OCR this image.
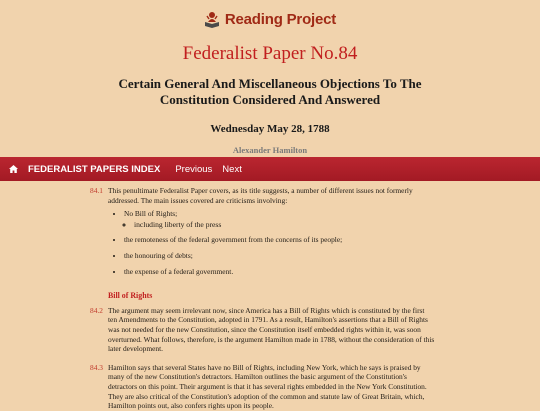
Reading Project
Federalist Paper No.84
Certain General And Miscellaneous Objections To The Constitution Considered And Answered
Wednesday May 28, 1788
Alexander Hamilton
FEDERALIST PAPERS INDEX Previous Next
84.1 This penultimate Federalist Paper covers, as its title suggests, a number of different issues not formerly addressed. The main issues covered are criticisms involving:
• No Bill of Rights;
◦ including liberty of the press
• the remoteness of the federal government from the concerns of its people;
• the honouring of debts;
• the expense of a federal government.
Bill of Rights
84.2 The argument may seem irrelevant now, since America has a Bill of Rights which is constituted by the first ten Amendments to the Constitution, adopted in 1791. As a result, Hamilton's assertions that a Bill of Rights was not needed for the new Constitution, since the Constitution itself embedded rights within it, was soon overturned. What follows, therefore, is the argument Hamilton made in 1788, without the consideration of this later development.
84.3 Hamilton says that several States have no Bill of Rights, including New York, which he says is praised by many of the new Constitution's detractors. Hamilton outlines the basic argument of the Constitution's detractors on this point. Their argument is that it has several rights embedded in the New York Constitution. They are also critical of the Constitution's adoption of the common and statute law of Great Britain, which, Hamilton points out, also confers rights upon its people.
